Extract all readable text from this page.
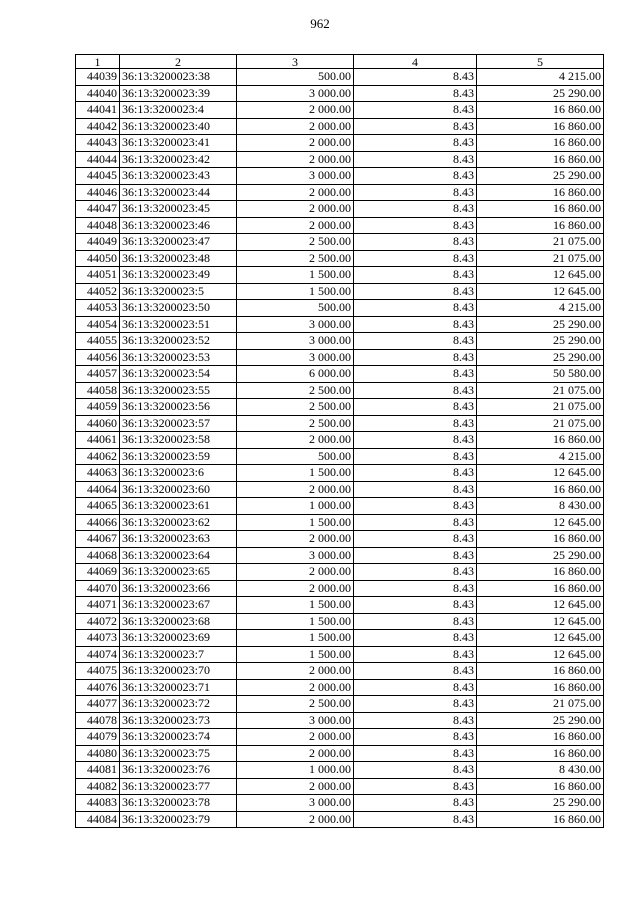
962
1	2	3	4	5
44039	36:13:3200023:38	500.00	8.43	4 215.00
44040	36:13:3200023:39	3 000.00	8.43	25 290.00
44041	36:13:3200023:4	2 000.00	8.43	16 860.00
44042	36:13:3200023:40	2 000.00	8.43	16 860.00
44043	36:13:3200023:41	2 000.00	8.43	16 860.00
44044	36:13:3200023:42	2 000.00	8.43	16 860.00
44045	36:13:3200023:43	3 000.00	8.43	25 290.00
44046	36:13:3200023:44	2 000.00	8.43	16 860.00
44047	36:13:3200023:45	2 000.00	8.43	16 860.00
44048	36:13:3200023:46	2 000.00	8.43	16 860.00
44049	36:13:3200023:47	2 500.00	8.43	21 075.00
44050	36:13:3200023:48	2 500.00	8.43	21 075.00
44051	36:13:3200023:49	1 500.00	8.43	12 645.00
44052	36:13:3200023:5	1 500.00	8.43	12 645.00
44053	36:13:3200023:50	500.00	8.43	4 215.00
44054	36:13:3200023:51	3 000.00	8.43	25 290.00
44055	36:13:3200023:52	3 000.00	8.43	25 290.00
44056	36:13:3200023:53	3 000.00	8.43	25 290.00
44057	36:13:3200023:54	6 000.00	8.43	50 580.00
44058	36:13:3200023:55	2 500.00	8.43	21 075.00
44059	36:13:3200023:56	2 500.00	8.43	21 075.00
44060	36:13:3200023:57	2 500.00	8.43	21 075.00
44061	36:13:3200023:58	2 000.00	8.43	16 860.00
44062	36:13:3200023:59	500.00	8.43	4 215.00
44063	36:13:3200023:6	1 500.00	8.43	12 645.00
44064	36:13:3200023:60	2 000.00	8.43	16 860.00
44065	36:13:3200023:61	1 000.00	8.43	8 430.00
44066	36:13:3200023:62	1 500.00	8.43	12 645.00
44067	36:13:3200023:63	2 000.00	8.43	16 860.00
44068	36:13:3200023:64	3 000.00	8.43	25 290.00
44069	36:13:3200023:65	2 000.00	8.43	16 860.00
44070	36:13:3200023:66	2 000.00	8.43	16 860.00
44071	36:13:3200023:67	1 500.00	8.43	12 645.00
44072	36:13:3200023:68	1 500.00	8.43	12 645.00
44073	36:13:3200023:69	1 500.00	8.43	12 645.00
44074	36:13:3200023:7	1 500.00	8.43	12 645.00
44075	36:13:3200023:70	2 000.00	8.43	16 860.00
44076	36:13:3200023:71	2 000.00	8.43	16 860.00
44077	36:13:3200023:72	2 500.00	8.43	21 075.00
44078	36:13:3200023:73	3 000.00	8.43	25 290.00
44079	36:13:3200023:74	2 000.00	8.43	16 860.00
44080	36:13:3200023:75	2 000.00	8.43	16 860.00
44081	36:13:3200023:76	1 000.00	8.43	8 430.00
44082	36:13:3200023:77	2 000.00	8.43	16 860.00
44083	36:13:3200023:78	3 000.00	8.43	25 290.00
44084	36:13:3200023:79	2 000.00	8.43	16 860.00
